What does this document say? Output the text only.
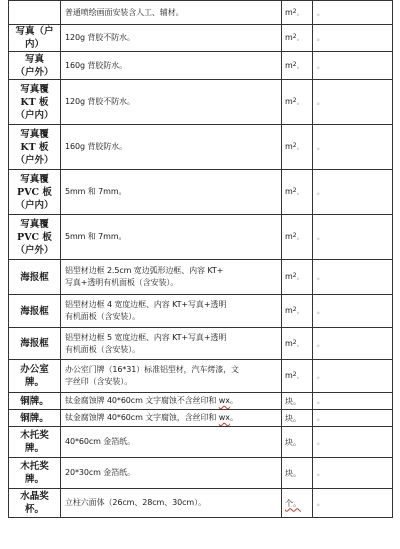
	普通喷绘画面安装含人工、辅材。	$m^2$。	。

写真（户
内）	120g 背胶不防水。	$m^2$。	。

写真
（户外）	160g 背胶防水。	$m^2$。	。

写真覆
KT 板
（户内）	120g 背胶不防水。	$m^2$。	。

写真覆
KT 板
（户外）	160g 背胶防水。	$m^2$。	。

写真覆
PVC 板
（户内）	5mm 和 7mm。	$m^2$。	。

写真覆
PVC 板
（户外）	5mm 和 7mm。	$m^2$。	。

海报框	铝型材边框 2.5cm 宽边弧形边框、内容 KT+
写真+透明有机面板（含安装）。	$m^2$。	。

海报框	铝型材边框 4 宽度边框、内容 KT+写真+透明
有机面板（含安装）。	$m^2$。	。

海报框	铝型材边框 5 宽度边框、内容 KT+写真+透明
有机面板（含安装）。	$m^2$。	。

办公室
牌。	办公室门牌（16*31）标准铝型材，汽车烤漆，文
字丝印（含安装）。	$m^2$。	。

铜牌。	钛金腐蚀牌 40*60cm 文字腐蚀不含丝印和 wx。	块。	。

铜牌。	钛金腐蚀牌 40*60cm 文字腐蚀，含丝印和 wx。	块。	。

木托奖
牌。	40*60cm 金箔纸。	块。	。

木托奖
牌。	20*30cm 金箔纸。	块。	。

水晶奖
杯。	立柱六面体（26cm、28cm、30cm）。	个。	。
